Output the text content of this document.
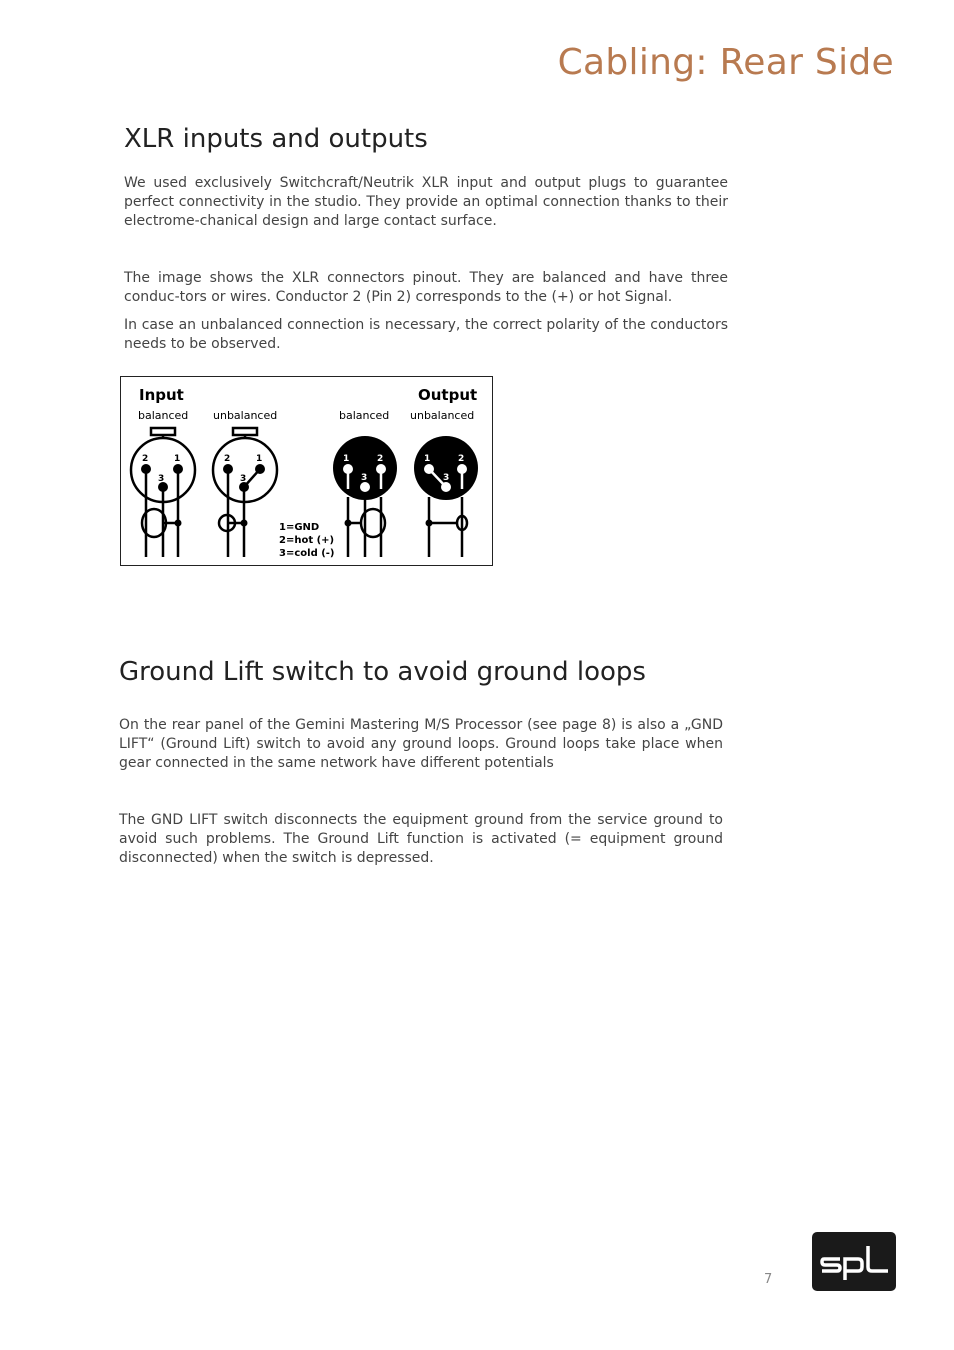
Cabling: Rear Side
XLR inputs and outputs

We used exclusively Switchcraft/Neutrik XLR input and output plugs to guarantee perfect connectivity in the studio. They provide an optimal connection thanks to their electrome-chanical design and large contact surface.

The image shows the XLR connectors pinout. They are balanced and have three conduc-tors or wires. Conductor 2 (Pin 2) corresponds to the (+) or hot Signal.

In case an unbalanced connection is necessary, the correct polarity of the conductors needs to be observed.

Input	Output
balanced unbalanced	balanced unbalanced
2	1
3
2	1
3
1=GND
2=hot (+)
3=cold (-)
1	2
3
1	2
3
Ground Lift switch to avoid ground loops

On the rear panel of the Gemini Mastering M/S Processor (see page 8) is also a „GND LIFT“ (Ground Lift) switch to avoid any ground loops. Ground loops take place when gear connected in the same network have different potentials

The GND LIFT switch disconnects the equipment ground from the service ground to avoid such problems. The Ground Lift function is activated (= equipment ground disconnected) when the switch is depressed.

7
